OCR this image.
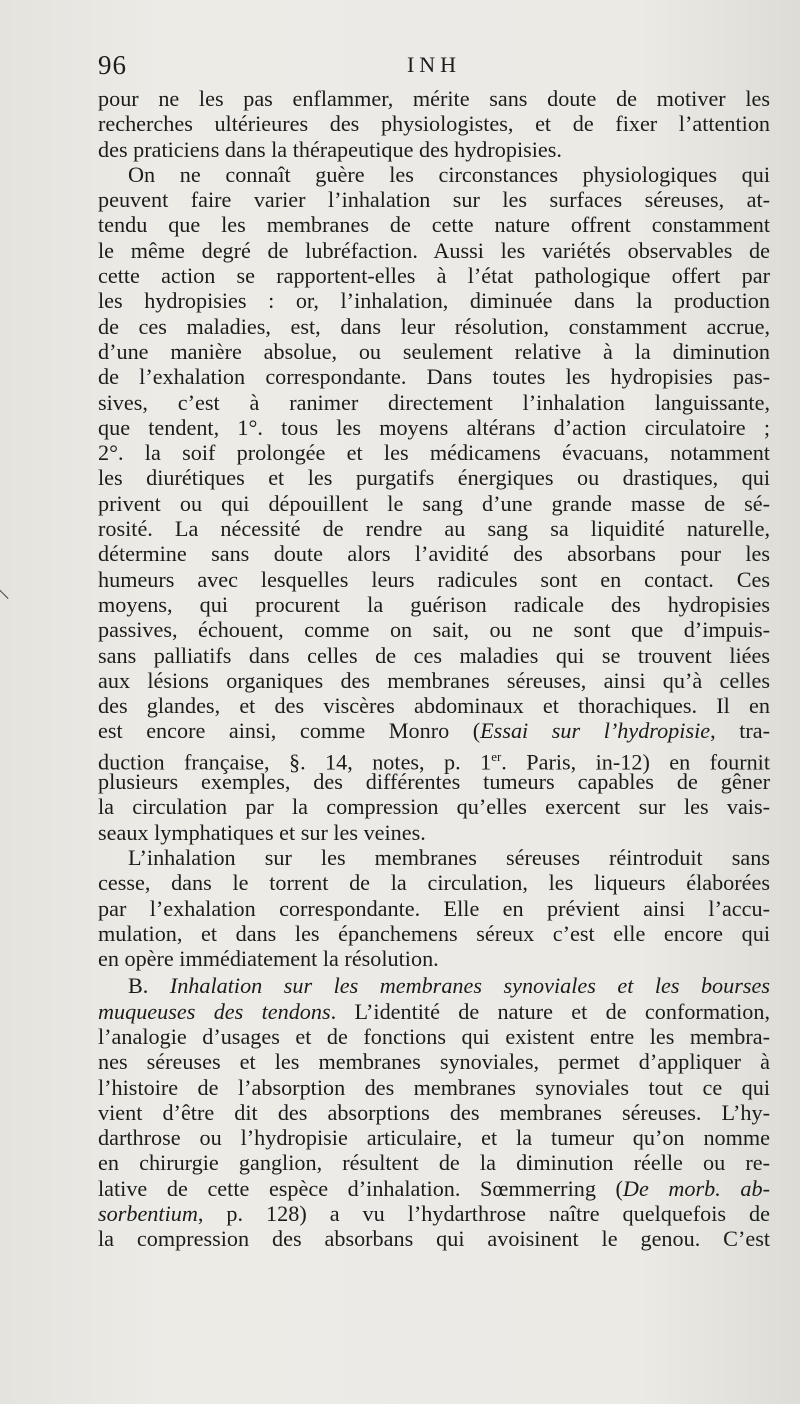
96	INH
pour ne les pas enflammer, mérite sans doute de motiver les
recherches ultérieures des physiologistes, et de fixer l’attention
des praticiens dans la thérapeutique des hydropisies.
On ne connaît guère les circonstances physiologiques qui
peuvent faire varier l’inhalation sur les surfaces séreuses, at-
tendu que les membranes de cette nature offrent constamment
le même degré de lubréfaction. Aussi les variétés observables de
cette action se rapportent-elles à l’état pathologique offert par
les hydropisies : or, l’inhalation, diminuée dans la production
de ces maladies, est, dans leur résolution, constamment accrue,
d’une manière absolue, ou seulement relative à la diminution
de l’exhalation correspondante. Dans toutes les hydropisies pas-
sives, c’est à ranimer directement l’inhalation languissante,
que tendent, 1°. tous les moyens altérans d’action circulatoire ;
2°. la soif prolongée et les médicamens évacuans, notamment
les diurétiques et les purgatifs énergiques ou drastiques, qui
privent ou qui dépouillent le sang d’une grande masse de sé-
rosité. La nécessité de rendre au sang sa liquidité naturelle,
détermine sans doute alors l’avidité des absorbans pour les
humeurs avec lesquelles leurs radicules sont en contact. Ces
moyens, qui procurent la guérison radicale des hydropisies
passives, échouent, comme on sait, ou ne sont que d’impuis-
sans palliatifs dans celles de ces maladies qui se trouvent liées
aux lésions organiques des membranes séreuses, ainsi qu’à celles
des glandes, et des viscères abdominaux et thorachiques. Il en
est encore ainsi, comme Monro (Essai sur l’hydropisie, tra-
duction française, §. 14, notes, p. 1er. Paris, in-12) en fournit
plusieurs exemples, des différentes tumeurs capables de gêner
la circulation par la compression qu’elles exercent sur les vais-
seaux lymphatiques et sur les veines.
L’inhalation sur les membranes séreuses réintroduit sans
cesse, dans le torrent de la circulation, les liqueurs élaborées
par l’exhalation correspondante. Elle en prévient ainsi l’accu-
mulation, et dans les épanchemens séreux c’est elle encore qui
en opère immédiatement la résolution.
B. Inhalation sur les membranes synoviales et les bourses
muqueuses des tendons. L’identité de nature et de conformation,
l’analogie d’usages et de fonctions qui existent entre les membra-
nes séreuses et les membranes synoviales, permet d’appliquer à
l’histoire de l’absorption des membranes synoviales tout ce qui
vient d’être dit des absorptions des membranes séreuses. L’hy-
darthrose ou l’hydropisie articulaire, et la tumeur qu’on nomme
en chirurgie ganglion, résultent de la diminution réelle ou re-
lative de cette espèce d’inhalation. Sœmmerring (De morb. ab-
sorbentium, p. 128) a vu l’hydarthrose naître quelquefois de
la compression des absorbans qui avoisinent le genou. C’est
